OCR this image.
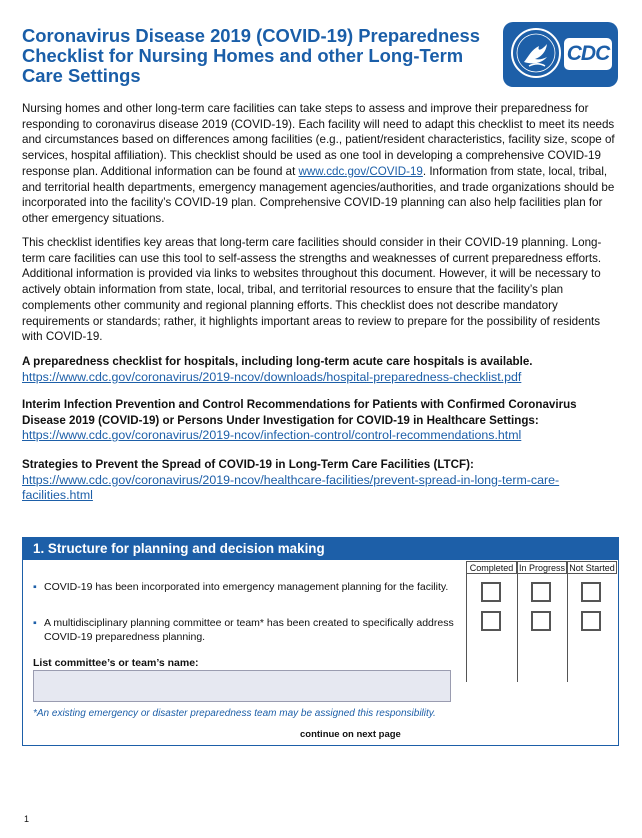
Coronavirus Disease 2019 (COVID-19) Preparedness
Checklist for Nursing Homes and other Long-Term
Care Settings
CDC

Nursing homes and other long-term care facilities can take steps to assess and improve their preparedness for responding to coronavirus disease 2019 (COVID-19). Each facility will need to adapt this checklist to meet its needs and circumstances based on differences among facilities (e.g., patient/resident characteristics, facility size, scope of services, hospital affiliation). This checklist should be used as one tool in developing a comprehensive COVID-19 response plan. Additional information can be found at www.cdc.gov/COVID-19. Information from state, local, tribal, and territorial health departments, emergency management agencies/authorities, and trade organizations should be incorporated into the facility’s COVID-19 plan. Comprehensive COVID-19 planning can also help facilities plan for other emergency situations.

This checklist identifies key areas that long-term care facilities should consider in their COVID-19 planning. Long-term care facilities can use this tool to self-assess the strengths and weaknesses of current preparedness efforts. Additional information is provided via links to websites throughout this document. However, it will be necessary to actively obtain information from state, local, tribal, and territorial resources to ensure that the facility’s plan complements other community and regional planning efforts. This checklist does not describe mandatory requirements or standards; rather, it highlights important areas to review to prepare for the possibility of residents with COVID-19.

A preparedness checklist for hospitals, including long-term acute care hospitals is available.
https://www.cdc.gov/coronavirus/2019-ncov/downloads/hospital-preparedness-checklist.pdf
Interim Infection Prevention and Control Recommendations for Patients with Confirmed Coronavirus Disease 2019 (COVID-19) or Persons Under Investigation for COVID-19 in Healthcare Settings:
https://www.cdc.gov/coronavirus/2019-ncov/infection-control/control-recommendations.html
Strategies to Prevent the Spread of COVID-19 in Long-Term Care Facilities (LTCF):
https://www.cdc.gov/coronavirus/2019-ncov/healthcare-facilities/prevent-spread-in-long-term-care-facilities.html
1. Structure for planning and decision making
Completed In Progress Not Started
▪ COVID-19 has been incorporated into emergency management planning for the facility.
▪ A multidisciplinary planning committee or team* has been created to specifically address COVID-19 preparedness planning.
List committee’s or team’s name:
*An existing emergency or disaster preparedness team may be assigned this responsibility.
continue on next page
1
